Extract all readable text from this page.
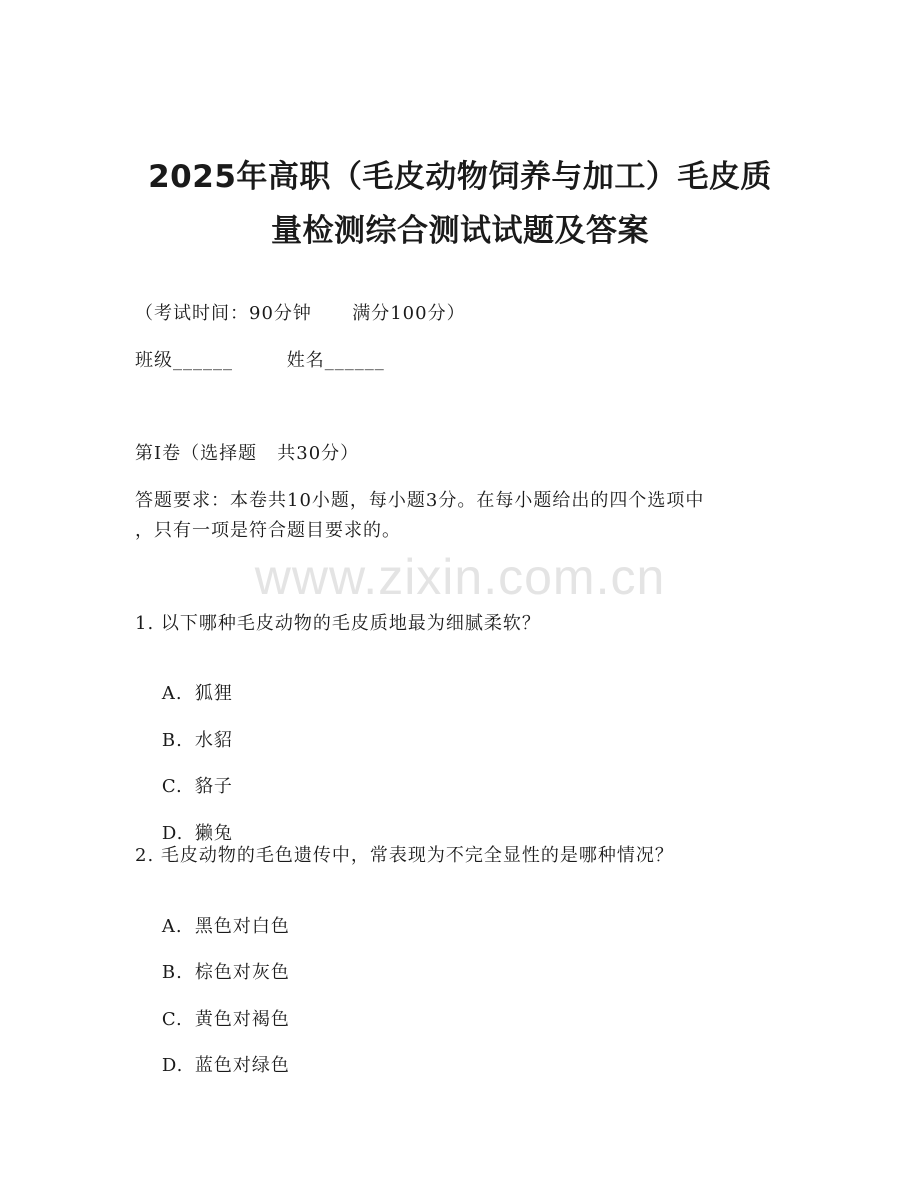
2025年高职（毛皮动物饲养与加工）毛皮质
量检测综合测试试题及答案
（考试时间：90分钟      满分100分）
班级______        姓名______
第I卷（选择题   共30分）
答题要求：本卷共10小题，每小题3分。在每小题给出的四个选项中
，只有一项是符合题目要求的。
www.zixin.com.cn
1. 以下哪种毛皮动物的毛皮质地最为细腻柔软？

A. 狐狸

B. 水貂

C. 貉子

D. 獭兔

2. 毛皮动物的毛色遗传中，常表现为不完全显性的是哪种情况？

A. 黑色对白色

B. 棕色对灰色

C. 黄色对褐色

D. 蓝色对绿色
